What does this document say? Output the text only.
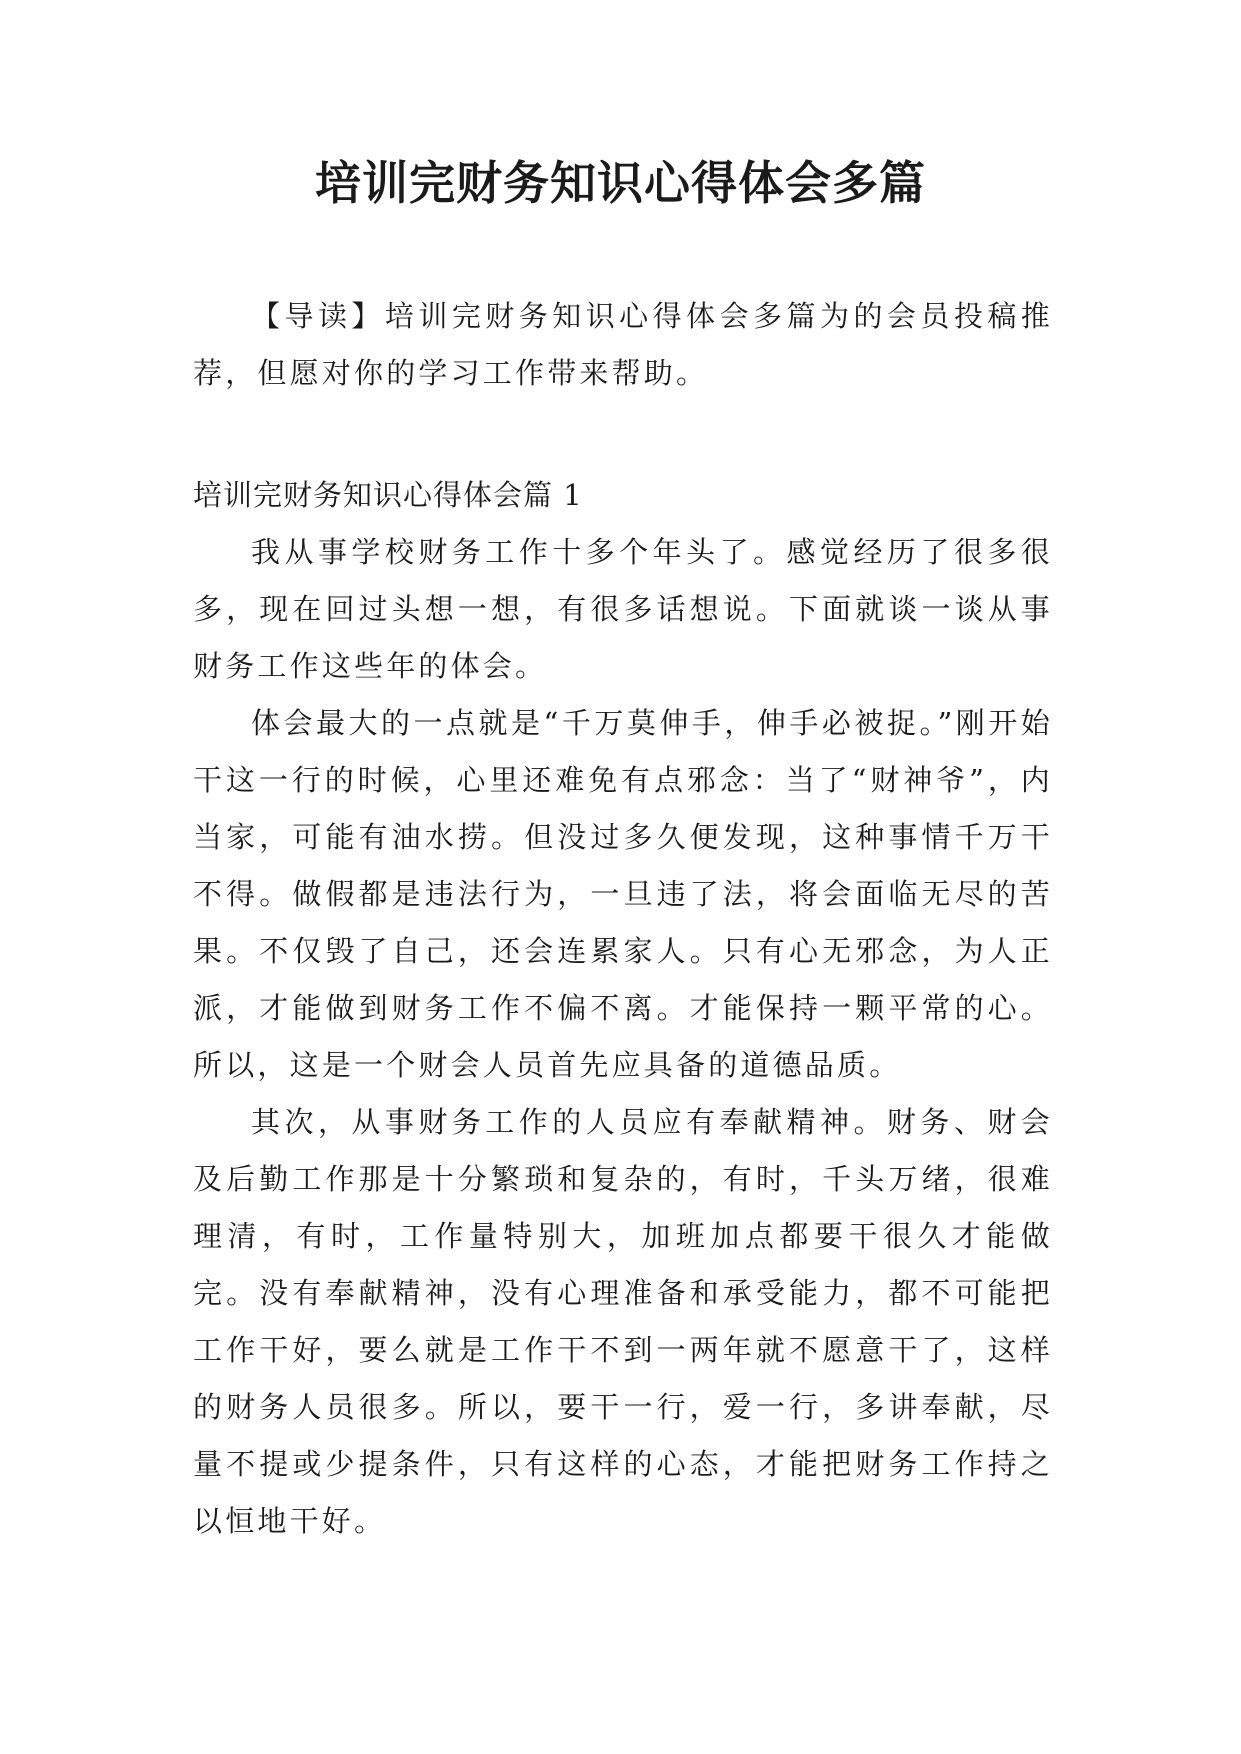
培训完财务知识心得体会多篇

【导读】培训完财务知识心得体会多篇为的会员投稿推荐，但愿对你的学习工作带来帮助。

培训完财务知识心得体会篇 1

我从事学校财务工作十多个年头了。感觉经历了很多很多，现在回过头想一想，有很多话想说。下面就谈一谈从事财务工作这些年的体会。

体会最大的一点就是“千万莫伸手，伸手必被捉。”刚开始干这一行的时候，心里还难免有点邪念：当了“财神爷”，内当家，可能有油水捞。但没过多久便发现，这种事情千万干不得。做假都是违法行为，一旦违了法，将会面临无尽的苦果。不仅毁了自己，还会连累家人。只有心无邪念，为人正派，才能做到财务工作不偏不离。才能保持一颗平常的心。所以，这是一个财会人员首先应具备的道德品质。

其次，从事财务工作的人员应有奉献精神。财务、财会及后勤工作那是十分繁琐和复杂的，有时，千头万绪，很难理清，有时，工作量特别大，加班加点都要干很久才能做完。没有奉献精神，没有心理准备和承受能力，都不可能把工作干好，要么就是工作干不到一两年就不愿意干了，这样的财务人员很多。所以，要干一行，爱一行，多讲奉献，尽量不提或少提条件，只有这样的心态，才能把财务工作持之以恒地干好。
